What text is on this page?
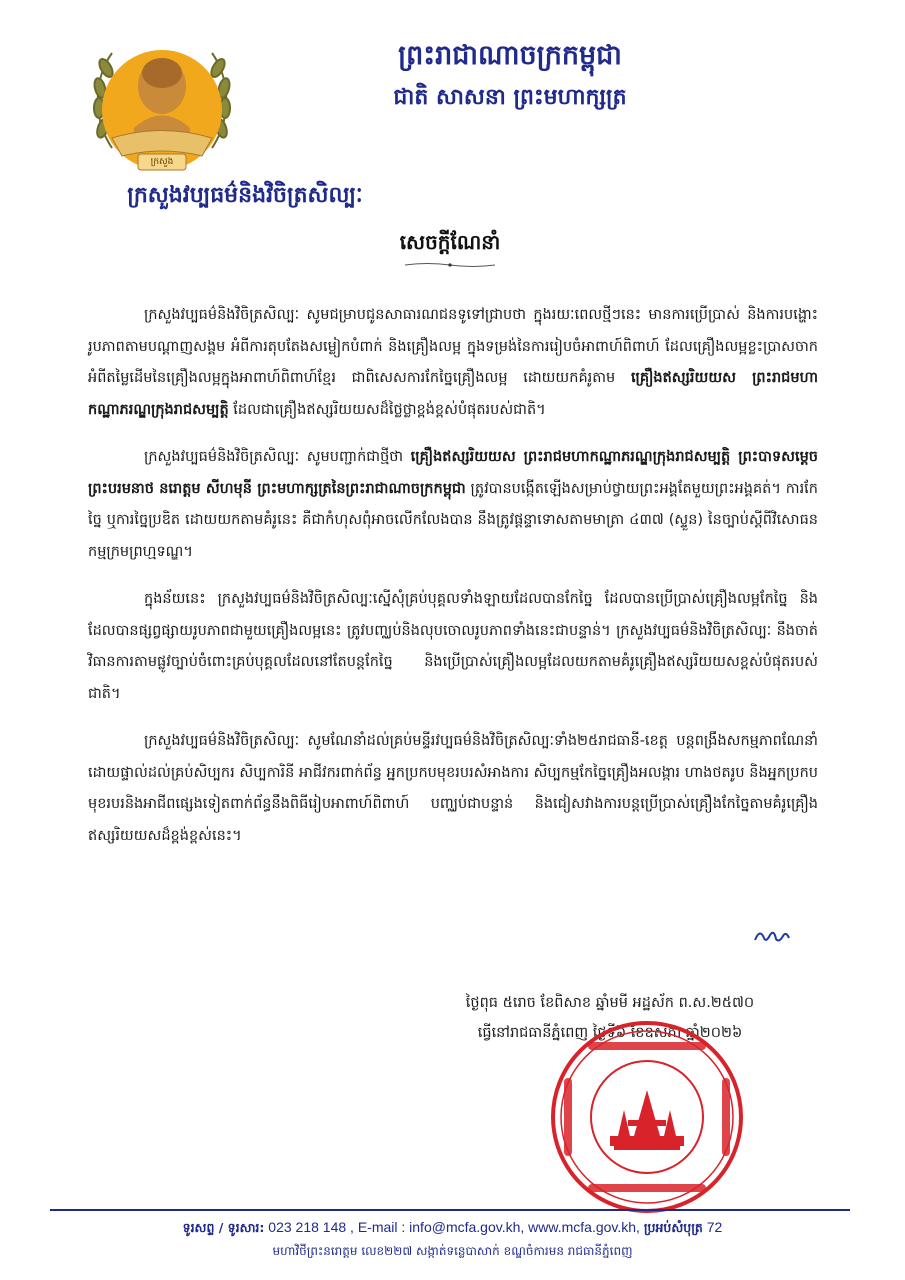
ក្រសួង
ក្រសួងវប្បធម៌និងវិចិត្រសិល្បៈ
ព្រះរាជាណាចក្រកម្ពុជា
ជាតិ សាសនា ព្រះមហាក្សត្រ
សេចក្ដីណែនាំ

ក្រសួងវប្បធម៌និងវិចិត្រសិល្បៈ សូមជម្រាបជូនសាធារណជនទូទៅជ្រាបថា ក្នុងរយៈពេលថ្មីៗនេះ មានការប្រើប្រាស់ និងការបង្ហោះរូបភាពតាមបណ្ដាញសង្គម អំពីការតុបតែងសម្លៀកបំពាក់ និងគ្រឿងលម្អ ក្នុងទម្រង់នៃការរៀបចំអាពាហ៍ពិពាហ៍ ដែលគ្រឿងលម្អខ្លះប្រាសចាកអំពីតម្លៃដើមនៃគ្រឿងលម្អក្នុងអាពាហ៍ពិពាហ៍ខ្មែរ ជាពិសេសការកែច្នៃគ្រឿងលម្អ ដោយយកគំរូតាម គ្រឿងឥស្សរិយយស ព្រះរាជមហាកណ្ឋាភរណ្ឌក្រុងរាជសម្បត្តិ ដែលជាគ្រឿងឥស្សរិយយសដ៏ថ្លៃថ្លាខ្ពង់ខ្ពស់បំផុតរបស់ជាតិ។

ក្រសួងវប្បធម៌និងវិចិត្រសិល្បៈ សូមបញ្ជាក់ជាថ្មីថា គ្រឿងឥស្សរិយយស ព្រះរាជមហាកណ្ឋាភរណ្ឌក្រុងរាជសម្បត្តិ ព្រះបាទសម្ដេចព្រះបរមនាថ នរោត្តម សីហមុនី ព្រះមហាក្សត្រនៃព្រះរាជាណាចក្រកម្ពុជា ត្រូវបានបង្កើតឡើងសម្រាប់ថ្វាយព្រះអង្គតែមួយព្រះអង្គគត់។ ការកែច្នៃ ឬការច្នៃប្រឌិត ដោយយកតាមគំរូនេះ គឺជាកំហុសពុំអាចលើកលែងបាន នឹងត្រូវផ្ដន្ទាទោសតាមមាត្រា ៤៣៧ (ស្ទួន) នៃច្បាប់ស្ដីពីវិសោធនកម្មក្រមព្រហ្មទណ្ឌ។

ក្នុងន័យនេះ ក្រសួងវប្បធម៌និងវិចិត្រសិល្បៈស្នើសុំគ្រប់បុគ្គលទាំងឡាយដែលបានកែច្នៃ ដែលបានប្រើប្រាស់គ្រឿងលម្អកែច្នៃ និងដែលបានផ្សព្វផ្សាយរូបភាពជាមួយគ្រឿងលម្អនេះ ត្រូវបញ្ឈប់និងលុបចោលរូបភាពទាំងនេះជាបន្ទាន់។ ក្រសួងវប្បធម៌និងវិចិត្រសិល្បៈ នឹងចាត់វិធានការតាមផ្លូវច្បាប់ចំពោះគ្រប់បុគ្គលដែលនៅតែបន្តកែច្នៃ និងប្រើប្រាស់គ្រឿងលម្អដែលយកតាមគំរូគ្រឿងឥស្សរិយយសខ្ពស់បំផុតរបស់ជាតិ។

ក្រសួងវប្បធម៌និងវិចិត្រសិល្បៈ សូមណែនាំដល់គ្រប់មន្ទីរវប្បធម៌និងវិចិត្រសិល្បៈទាំង២៥រាជធានី-ខេត្ត បន្តពង្រឹងសកម្មភាពណែនាំដោយផ្ទាល់ដល់គ្រប់សិប្បករ សិប្បការិនី អាជីវករពាក់ព័ន្ធ អ្នកប្រកបមុខរបរសំអាងការ សិប្បកម្មកែច្នៃគ្រឿងអលង្ការ ហាងថតរូប និងអ្នកប្រកបមុខរបរនិងអាជីពផ្សេងទៀតពាក់ព័ន្ធនឹងពិធីរៀបអាពាហ៍ពិពាហ៍ បញ្ឈប់ជាបន្ទាន់ និងជៀសវាងការបន្តប្រើប្រាស់គ្រឿងកែច្នៃតាមគំរូគ្រឿងឥស្សរិយយសដ៏ខ្ពង់ខ្ពស់នេះ។

ថ្ងៃពុធ ៥រោច ខែពិសាខ ឆ្នាំមមី អដ្ឋស័ក ព.ស.២៥៧០
ធ្វើនៅរាជធានីភ្នំពេញ ថ្ងៃទី៦ ខែឧសភា ឆ្នាំ២០២៦
ទូរសព្ទ / ទូរសារ: 023 218 148 , E-mail : info@mcfa.gov.kh, www.mcfa.gov.kh, ប្រអប់សំបុត្រ 72
មហាវិថីព្រះនរោត្តម លេខ២២៧ សង្កាត់ទន្លេបាសាក់ ខណ្ឌចំការមន រាជធានីភ្នំពេញ
